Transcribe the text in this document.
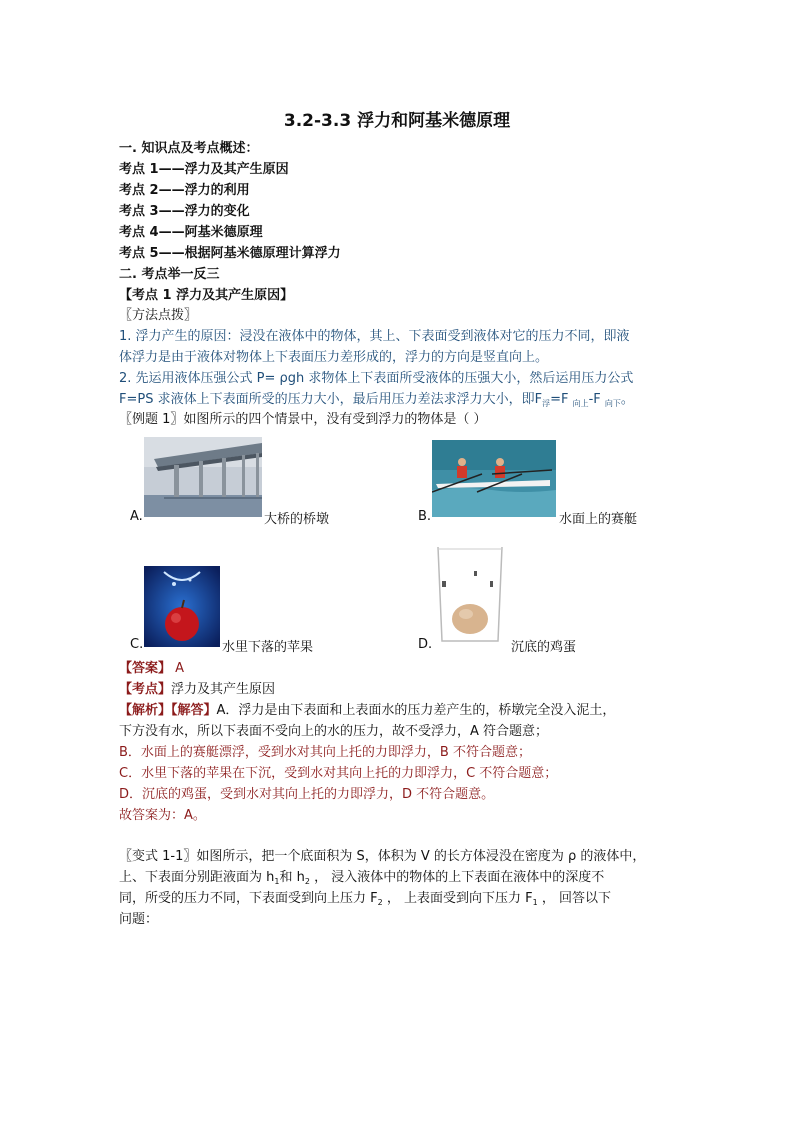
3.2-3.3 浮力和阿基米德原理
一. 知识点及考点概述：
考点 1——浮力及其产生原因
考点 2——浮力的利用
考点 3——浮力的变化
考点 4——阿基米德原理
考点 5——根据阿基米德原理计算浮力
二. 考点举一反三
【考点 1 浮力及其产生原因】
〖方法点拨〗
1. 浮力产生的原因：浸没在液体中的物体，其上、下表面受到液体对它的压力不同，即液
体浮力是由于液体对物体上下表面压力差形成的，浮力的方向是竖直向上。
2. 先运用液体压强公式 P= ρgh 求物体上下表面所受液体的压强大小，然后运用压力公式
F=PS 求液体上下表面所受的压力大小，最后用压力差法求浮力大小，即$F_浮=F$ $_{向上}$-F $_{向下}$。
〖例题 1〗如图所示的四个情景中，没有受到浮力的物体是（ ）
A.	大桥的桥墩	B.	水面上的赛艇
C.	水里下落的苹果	D.	沉底的鸡蛋
【答案】 A
【考点】浮力及其产生原因
【解析】【解答】A．浮力是由下表面和上表面水的压力差产生的，桥墩完全没入泥土，
下方没有水，所以下表面不受向上的水的压力，故不受浮力，A 符合题意；
B．水面上的赛艇漂浮，受到水对其向上托的力即浮力，B 不符合题意；
C．水里下落的苹果在下沉，受到水对其向上托的力即浮力，C 不符合题意；
D．沉底的鸡蛋，受到水对其向上托的力即浮力，D 不符合题意。
故答案为：A。
〖变式 1-1〗如图所示，把一个底面积为 S，体积为 V 的长方体浸没在密度为 ρ 的液体中，
上、下表面分别距液面为 $h_1$和 $h_2$ ， 浸入液体中的物体的上下表面在液体中的深度不
同，所受的压力不同，下表面受到向上压力 $F_2$ ， 上表面受到向下压力 $F_1$ ， 回答以下
问题：
